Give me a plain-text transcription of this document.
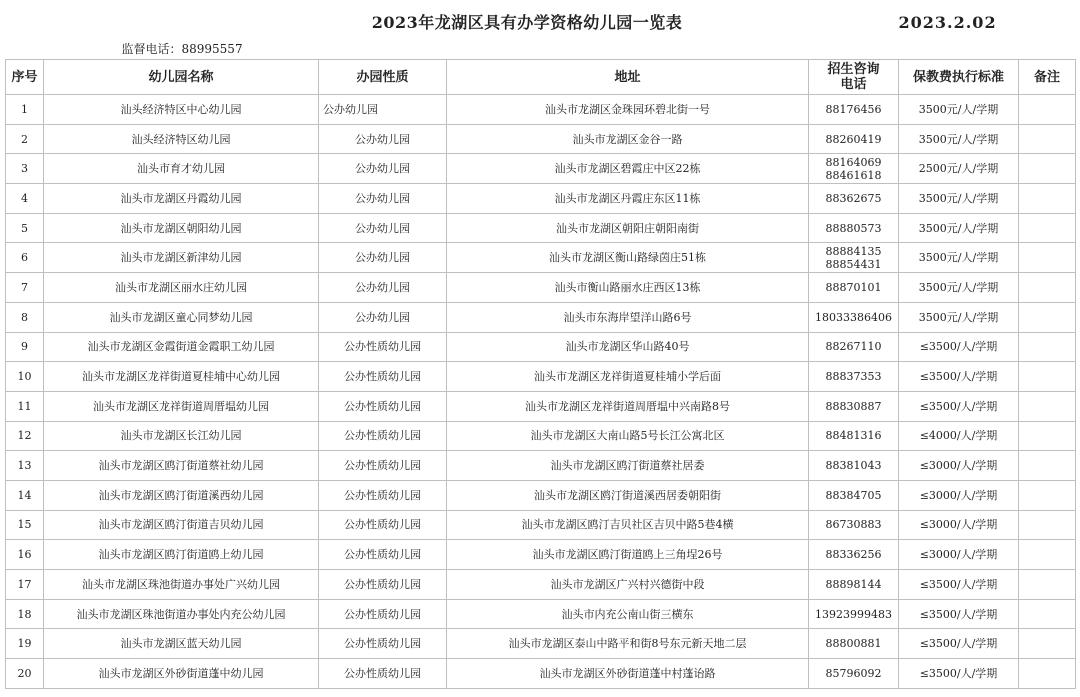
2023年龙湖区具有办学资格幼儿园一览表					2023.2.02	
	监督电话：88995557					
序号	幼儿园名称	办园性质	地址	招生咨询电话	保教费执行标准	备注
1	汕头经济特区中心幼儿园	公办幼儿园	汕头市龙湖区金珠园环碧北街一号	88176456	3500元/人/学期	
2	汕头经济特区幼儿园	公办幼儿园	汕头市龙湖区金谷一路	88260419	3500元/人/学期	
3	汕头市育才幼儿园	公办幼儿园	汕头市龙湖区碧霞庄中区22栋	88164069
88461618	2500元/人/学期	
4	汕头市龙湖区丹霞幼儿园	公办幼儿园	汕头市龙湖区丹霞庄东区11栋	88362675	3500元/人/学期	
5	汕头市龙湖区朝阳幼儿园	公办幼儿园	汕头市龙湖区朝阳庄朝阳南街	88880573	3500元/人/学期	
6	汕头市龙湖区新津幼儿园	公办幼儿园	汕头市龙湖区衡山路绿茵庄51栋	88884135
88854431	3500元/人/学期	
7	汕头市龙湖区丽水庄幼儿园	公办幼儿园	汕头市衡山路丽水庄西区13栋	88870101	3500元/人/学期	
8	汕头市龙湖区童心同梦幼儿园	公办幼儿园	汕头市东海岸望洋山路6号	18033386406	3500元/人/学期	
9	汕头市龙湖区金霞街道金霞职工幼儿园	公办性质幼儿园	汕头市龙湖区华山路40号	88267110	≤3500/人/学期	
10	汕头市龙湖区龙祥街道夏桂埔中心幼儿园	公办性质幼儿园	汕头市龙湖区龙祥街道夏桂埔小学后面	88837353	≤3500/人/学期	
11	汕头市龙湖区龙祥街道周厝塭幼儿园	公办性质幼儿园	汕头市龙湖区龙祥街道周厝塭中兴南路8号	88830887	≤3500/人/学期	
12	汕头市龙湖区长江幼儿园	公办性质幼儿园	汕头市龙湖区大南山路5号长江公寓北区	88481316	≤4000/人/学期	
13	汕头市龙湖区鸥汀街道蔡社幼儿园	公办性质幼儿园	汕头市龙湖区鸥汀街道蔡社居委	88381043	≤3000/人/学期	
14	汕头市龙湖区鸥汀街道溪西幼儿园	公办性质幼儿园	汕头市龙湖区鸥汀街道溪西居委朝阳街	88384705	≤3000/人/学期	
15	汕头市龙湖区鸥汀街道吉贝幼儿园	公办性质幼儿园	汕头市龙湖区鸥汀吉贝社区吉贝中路5巷4横	86730883	≤3000/人/学期	
16	汕头市龙湖区鸥汀街道鸥上幼儿园	公办性质幼儿园	汕头市龙湖区鸥汀街道鸥上三角埕26号	88336256	≤3000/人/学期	
17	汕头市龙湖区珠池街道办事处广兴幼儿园	公办性质幼儿园	汕头市龙湖区广兴村兴德街中段	88898144	≤3500/人/学期	
18	汕头市龙湖区珠池街道办事处内充公幼儿园	公办性质幼儿园	汕头市内充公南山街三横东	13923999483	≤3500/人/学期	
19	汕头市龙湖区蓝天幼儿园	公办性质幼儿园	汕头市龙湖区泰山中路平和街8号东元新天地二层	88800881	≤3500/人/学期	
20	汕头市龙湖区外砂街道蓬中幼儿园	公办性质幼儿园	汕头市龙湖区外砂街道蓬中村蓬诒路	85796092	≤3500/人/学期	
